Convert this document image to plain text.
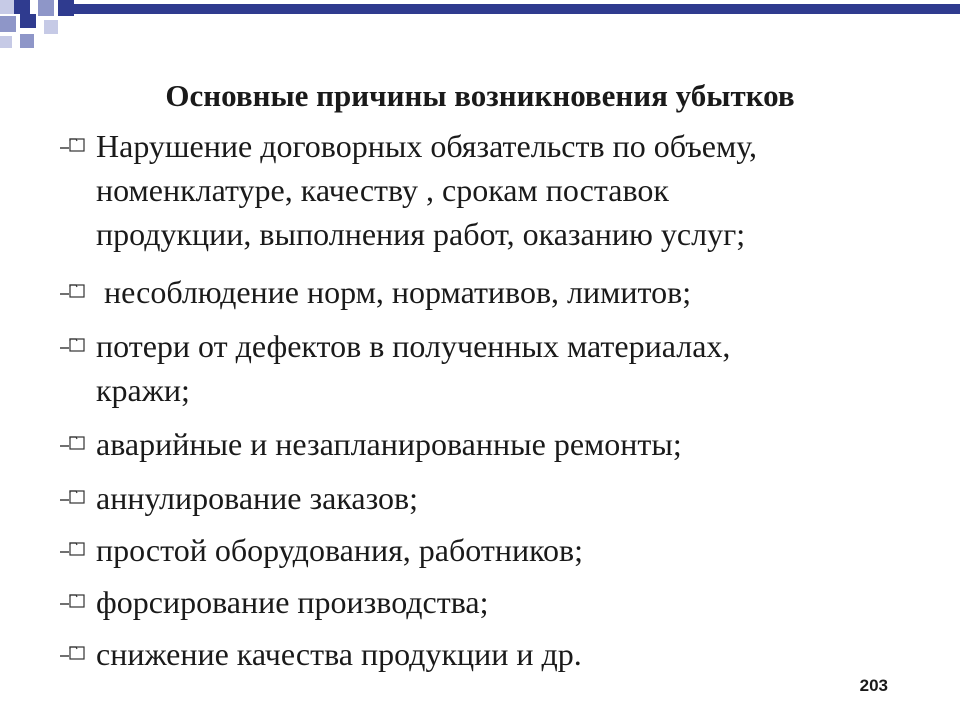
Основные причины возникновения убытков
Нарушение договорных обязательств по объему,
номенклатуре, качеству , срокам поставок
продукции, выполнения работ, оказанию услуг;
несоблюдение норм, нормативов, лимитов;
потери от дефектов в полученных материалах,
кражи;
аварийные и незапланированные ремонты;
аннулирование заказов;
простой оборудования, работников;
форсирование производства;
снижение качества продукции и др.
203
